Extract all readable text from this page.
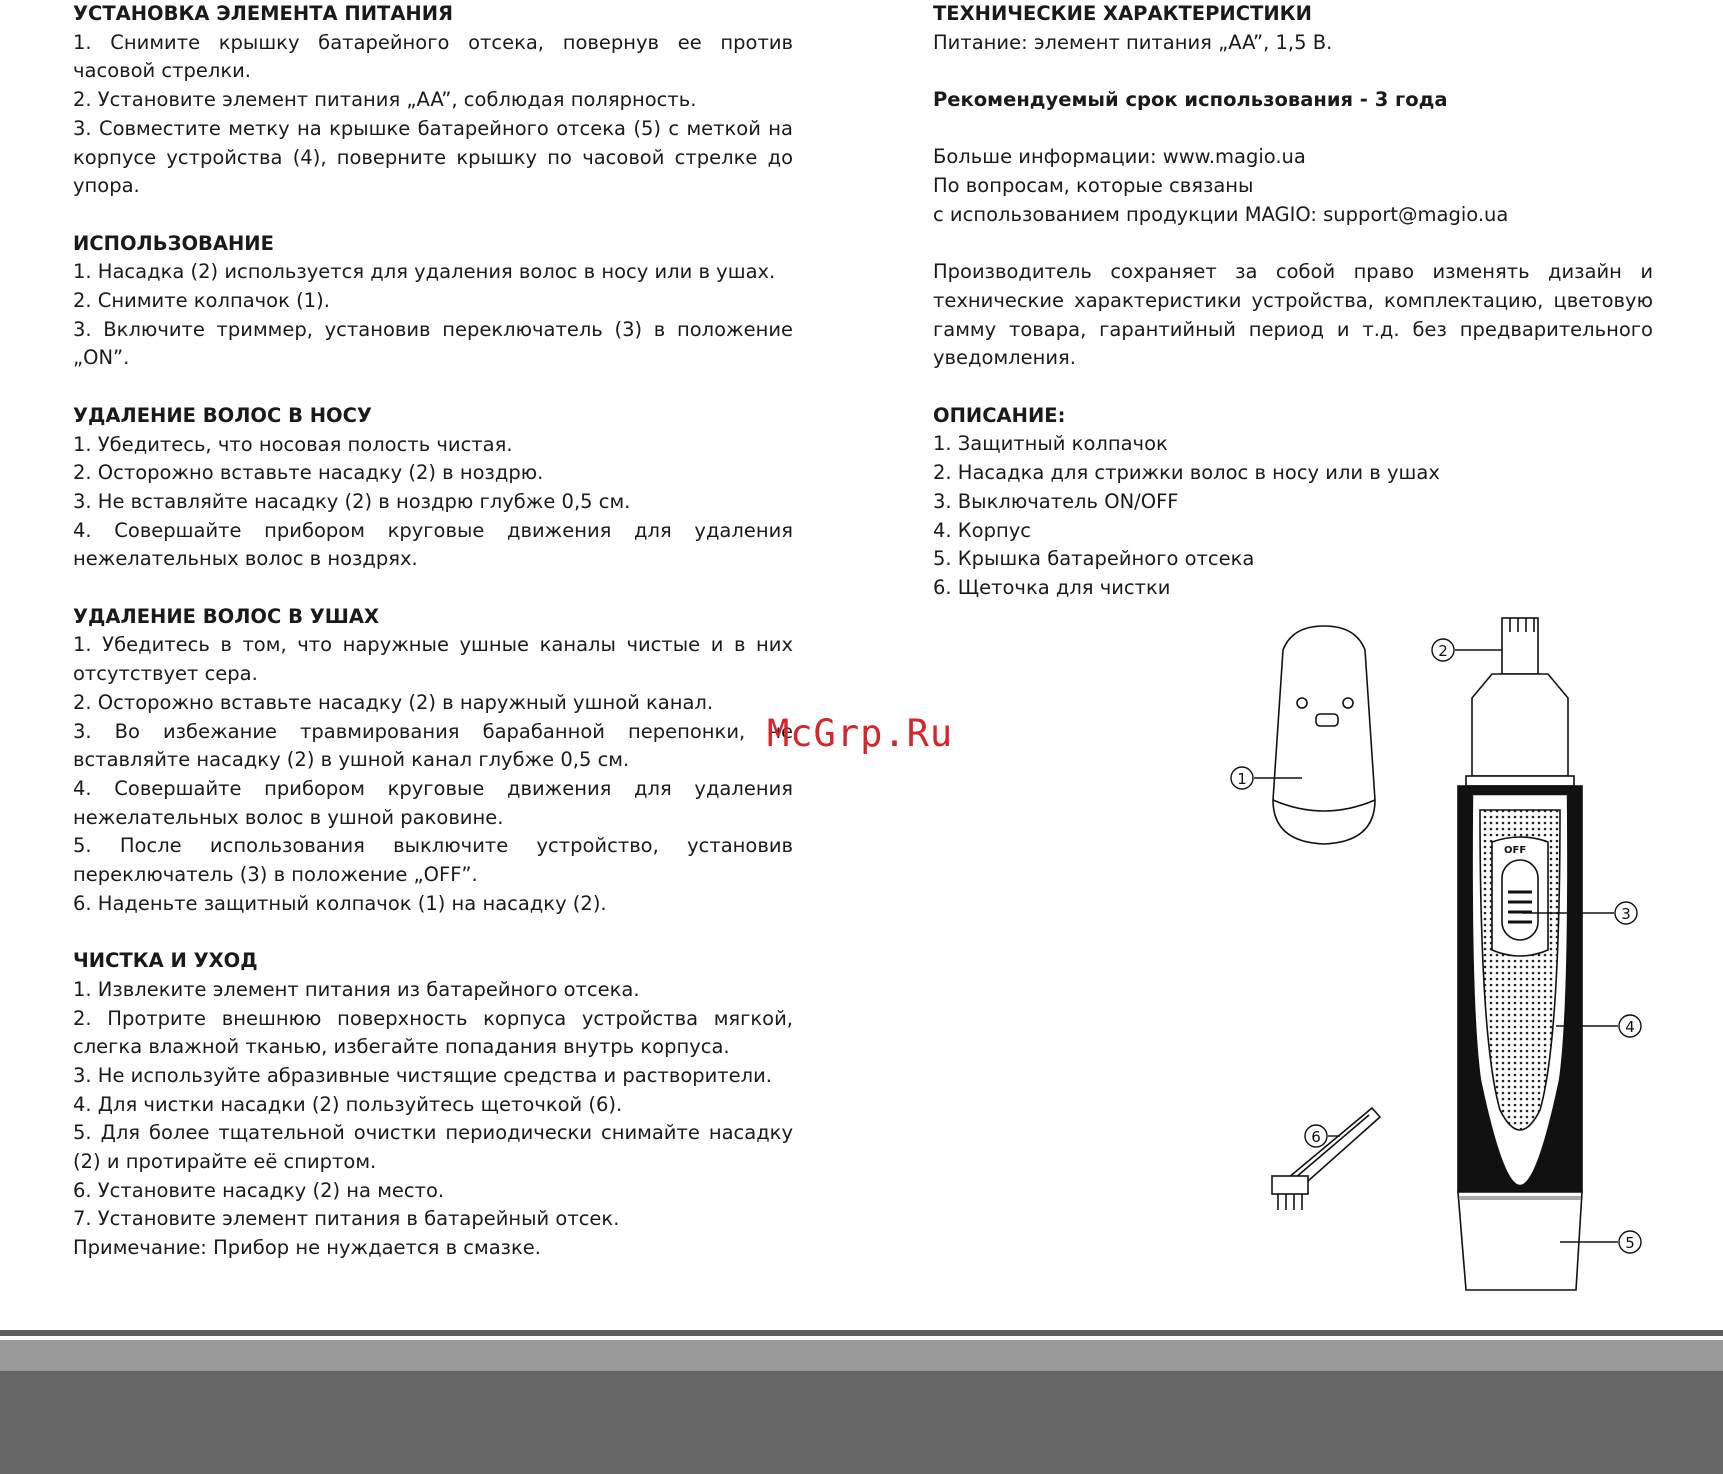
УСТАНОВКА ЭЛЕМЕНТА ПИТАНИЯ

1. Снимите крышку батарейного отсека, повернув ее против часовой стрелки.

2. Установите элемент питания „AA”, соблюдая полярность.

3. Совместите метку на крышке батарейного отсека (5) с меткой на корпусе устройства (4), поверните крышку по часовой стрелке до упора.

ИСПОЛЬЗОВАНИЕ

1. Насадка (2) используется для удаления волос в носу или в ушах.

2. Снимите колпачок (1).

3. Включите триммер, установив переключатель (3) в положение „ON”.

УДАЛЕНИЕ ВОЛОС В НОСУ

1. Убедитесь, что носовая полость чистая.

2. Осторожно вставьте насадку (2) в ноздрю.

3. Не вставляйте насадку (2) в ноздрю глубже 0,5 см.

4. Совершайте прибором круговые движения для удаления нежелательных волос в ноздрях.

УДАЛЕНИЕ ВОЛОС В УШАХ

1. Убедитесь в том, что наружные ушные каналы чистые и в них отсутствует сера.

2. Осторожно вставьте насадку (2) в наружный ушной канал.

3. Во избежание травмирования барабанной перепонки, не вставляйте насадку (2) в ушной канал глубже 0,5 см.

4. Совершайте прибором круговые движения для удаления нежелательных волос в ушной раковине.

5. После использования выключите устройство, установив переключатель (3) в положение „OFF”.

6. Наденьте защитный колпачок (1) на насадку (2).

ЧИСТКА И УХОД

1. Извлеките элемент питания из батарейного отсека.

2. Протрите внешнюю поверхность корпуса устройства мягкой, слегка влажной тканью, избегайте попадания внутрь корпуса.

3. Не используйте абразивные чистящие средства и растворители.

4. Для чистки насадки (2) пользуйтесь щеточкой (6).

5. Для более тщательной очистки периодически снимайте насадку (2) и протирайте её спиртом.

6. Установите насадку (2) на место.

7. Установите элемент питания в батарейный отсек.

Примечание: Прибор не нуждается в смазке.

ТЕХНИЧЕСКИЕ ХАРАКТЕРИСТИКИ

Питание: элемент питания „AA”, 1,5 В.

Рекомендуемый срок использования - 3 года

Больше информации: www.magio.ua

По вопросам, которые связаны

с использованием продукции MAGIO: support@magio.ua

Производитель сохраняет за собой право изменять дизайн и технические характеристики устройства, комплектацию, цветовую гамму товара, гарантийный период и т.д. без предварительного уведомления.

ОПИСАНИЕ:

1. Защитный колпачок

2. Насадка для стрижки волос в носу или в ушах

3. Выключатель ON/OFF

4. Корпус

5. Крышка батарейного отсека

6. Щеточка для чистки

McGrp.Ru
OFF
1
2
3
4
5
6
